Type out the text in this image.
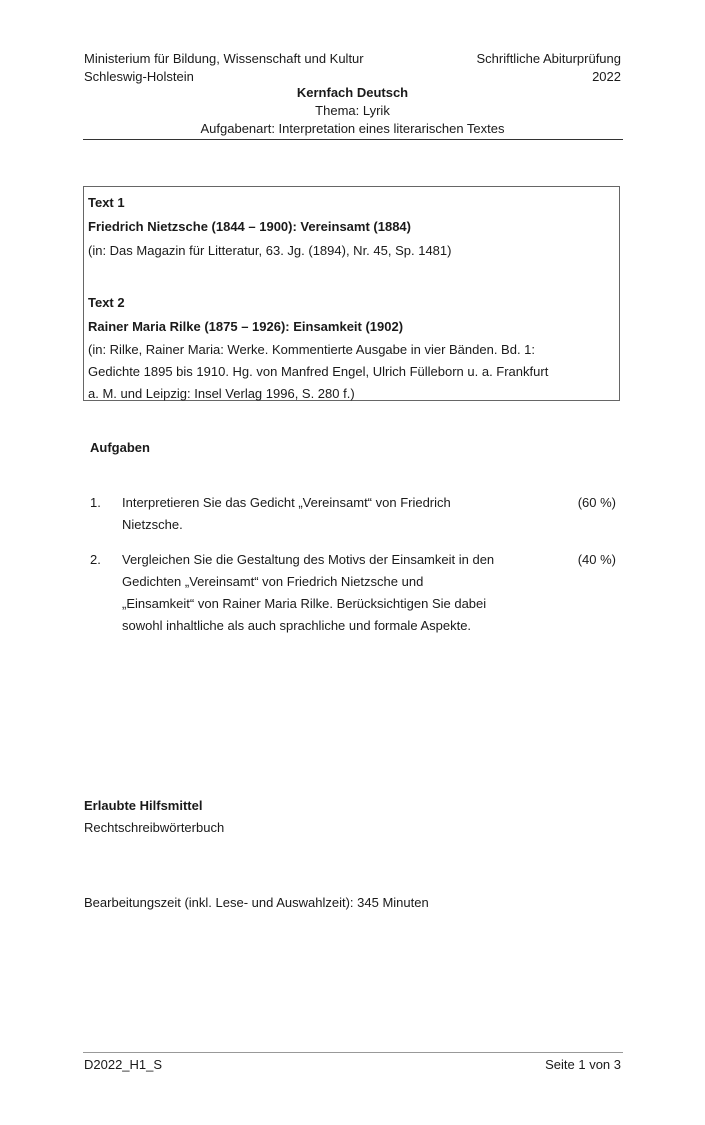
Ministerium für Bildung, Wissenschaft und Kultur
Schleswig-Holstein
Schriftliche Abiturprüfung
2022
Kernfach Deutsch
Thema: Lyrik
Aufgabenart: Interpretation eines literarischen Textes
Text 1
Friedrich Nietzsche (1844 – 1900): Vereinsamt (1884)
(in: Das Magazin für Litteratur, 63. Jg. (1894), Nr. 45, Sp. 1481)
Text 2
Rainer Maria Rilke (1875 – 1926): Einsamkeit (1902)
(in: Rilke, Rainer Maria: Werke. Kommentierte Ausgabe in vier Bänden. Bd. 1:
Gedichte 1895 bis 1910. Hg. von Manfred Engel, Ulrich Fülleborn u. a. Frankfurt
a. M. und Leipzig: Insel Verlag 1996, S. 280 f.)
Aufgaben
1.	Interpretieren Sie das Gedicht „Vereinsamt“ von Friedrich
Nietzsche.
(60 %)
2.	Vergleichen Sie die Gestaltung des Motivs der Einsamkeit in den
Gedichten „Vereinsamt“ von Friedrich Nietzsche und
„Einsamkeit“ von Rainer Maria Rilke. Berücksichtigen Sie dabei
sowohl inhaltliche als auch sprachliche und formale Aspekte.
(40 %)
Erlaubte Hilfsmittel
Rechtschreibwörterbuch
Bearbeitungszeit (inkl. Lese- und Auswahlzeit): 345 Minuten
D2022_H1_S	Seite 1 von 3
